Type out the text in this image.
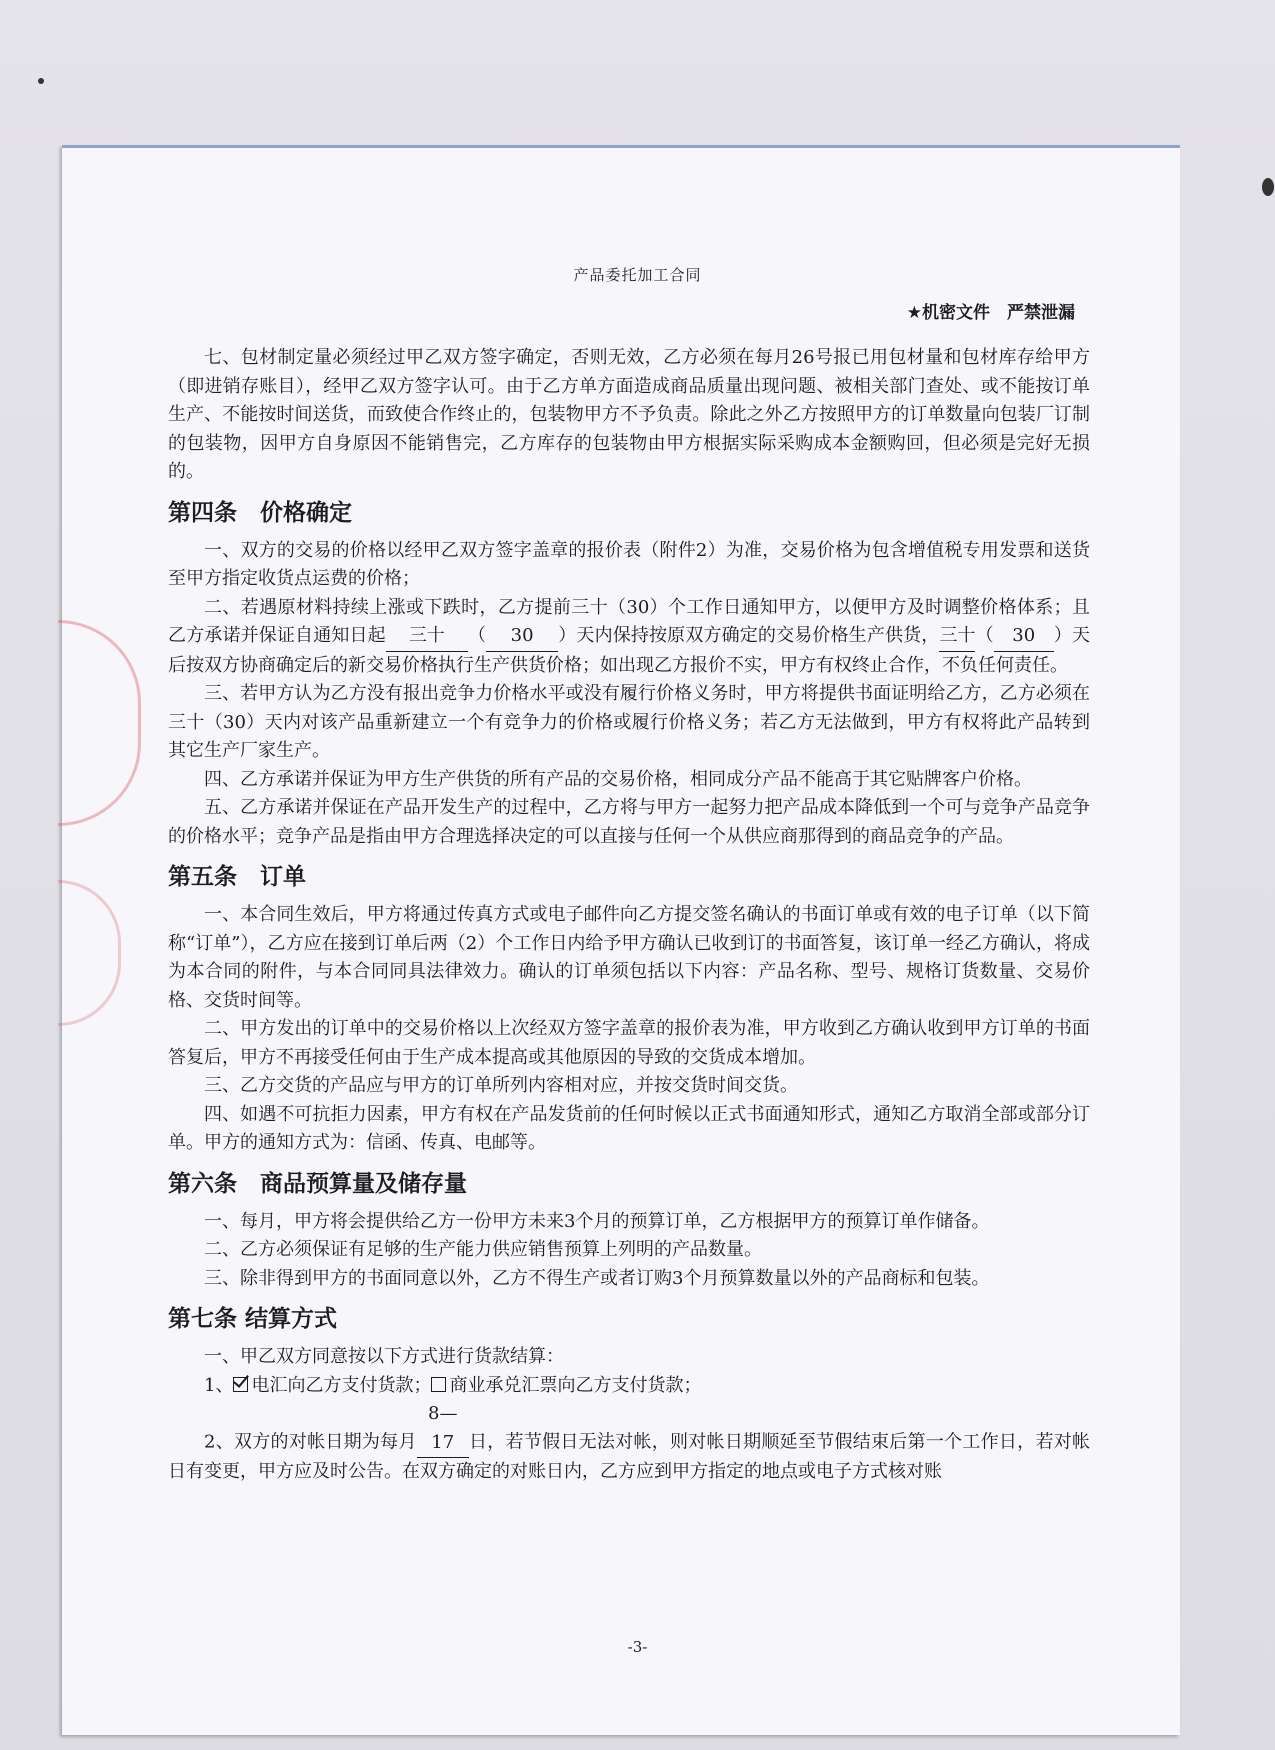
产品委托加工合同
★机密文件　严禁泄漏

七、包材制定量必须经过甲乙双方签字确定，否则无效，乙方必须在每月26号报已用包材量和包材库存给甲方（即进销存账目），经甲乙双方签字认可。由于乙方单方面造成商品质量出现问题、被相关部门查处、或不能按订单生产、不能按时间送货，而致使合作终止的，包装物甲方不予负责。除此之外乙方按照甲方的订单数量向包装厂订制的包装物，因甲方自身原因不能销售完，乙方库存的包装物由甲方根据实际采购成本金额购回，但必须是完好无损的。

第四条　价格确定

一、双方的交易的价格以经甲乙双方签字盖章的报价表（附件2）为准，交易价格为包含增值税专用发票和送货至甲方指定收货点运费的价格；

二、若遇原材料持续上涨或下跌时，乙方提前三十（30）个工作日通知甲方，以便甲方及时调整价格体系；且乙方承诺并保证自通知日起 三十 （ 30 ）天内保持按原双方确定的交易价格生产供货，三十（ 30 ）天后按双方协商确定后的新交易价格执行生产供货价格；如出现乙方报价不实，甲方有权终止合作，不负任何责任。

三、若甲方认为乙方没有报出竞争力价格水平或没有履行价格义务时，甲方将提供书面证明给乙方，乙方必须在三十（30）天内对该产品重新建立一个有竞争力的价格或履行价格义务；若乙方无法做到，甲方有权将此产品转到其它生产厂家生产。

四、乙方承诺并保证为甲方生产供货的所有产品的交易价格，相同成分产品不能高于其它贴牌客户价格。

五、乙方承诺并保证在产品开发生产的过程中，乙方将与甲方一起努力把产品成本降低到一个可与竞争产品竞争的价格水平；竞争产品是指由甲方合理选择决定的可以直接与任何一个从供应商那得到的商品竞争的产品。

第五条　订单

一、本合同生效后，甲方将通过传真方式或电子邮件向乙方提交签名确认的书面订单或有效的电子订单（以下简称“订单”），乙方应在接到订单后两（2）个工作日内给予甲方确认已收到订的书面答复，该订单一经乙方确认，将成为本合同的附件，与本合同同具法律效力。确认的订单须包括以下内容：产品名称、型号、规格订货数量、交易价格、交货时间等。

二、甲方发出的订单中的交易价格以上次经双方签字盖章的报价表为准，甲方收到乙方确认收到甲方订单的书面答复后，甲方不再接受任何由于生产成本提高或其他原因的导致的交货成本增加。

三、乙方交货的产品应与甲方的订单所列内容相对应，并按交货时间交货。

四、如遇不可抗拒力因素，甲方有权在产品发货前的任何时候以正式书面通知形式，通知乙方取消全部或部分订单。甲方的通知方式为：信函、传真、电邮等。

第六条　商品预算量及储存量

一、每月，甲方将会提供给乙方一份甲方未来3个月的预算订单，乙方根据甲方的预算订单作储备。

二、乙方必须保证有足够的生产能力供应销售预算上列明的产品数量。

三、除非得到甲方的书面同意以外，乙方不得生产或者订购3个月预算数量以外的产品商标和包装。

第七条 结算方式

一、甲乙双方同意按以下方式进行货款结算：

1、 电汇向乙方支付货款； 商业承兑汇票向乙方支付货款；

2、双方的对帐日期为每月8—17 日，若节假日无法对帐，则对帐日期顺延至节假结束后第一个工作日，若对帐日有变更，甲方应及时公告。在双方确定的对账日内，乙方应到甲方指定的地点或电子方式核对账

-3-
